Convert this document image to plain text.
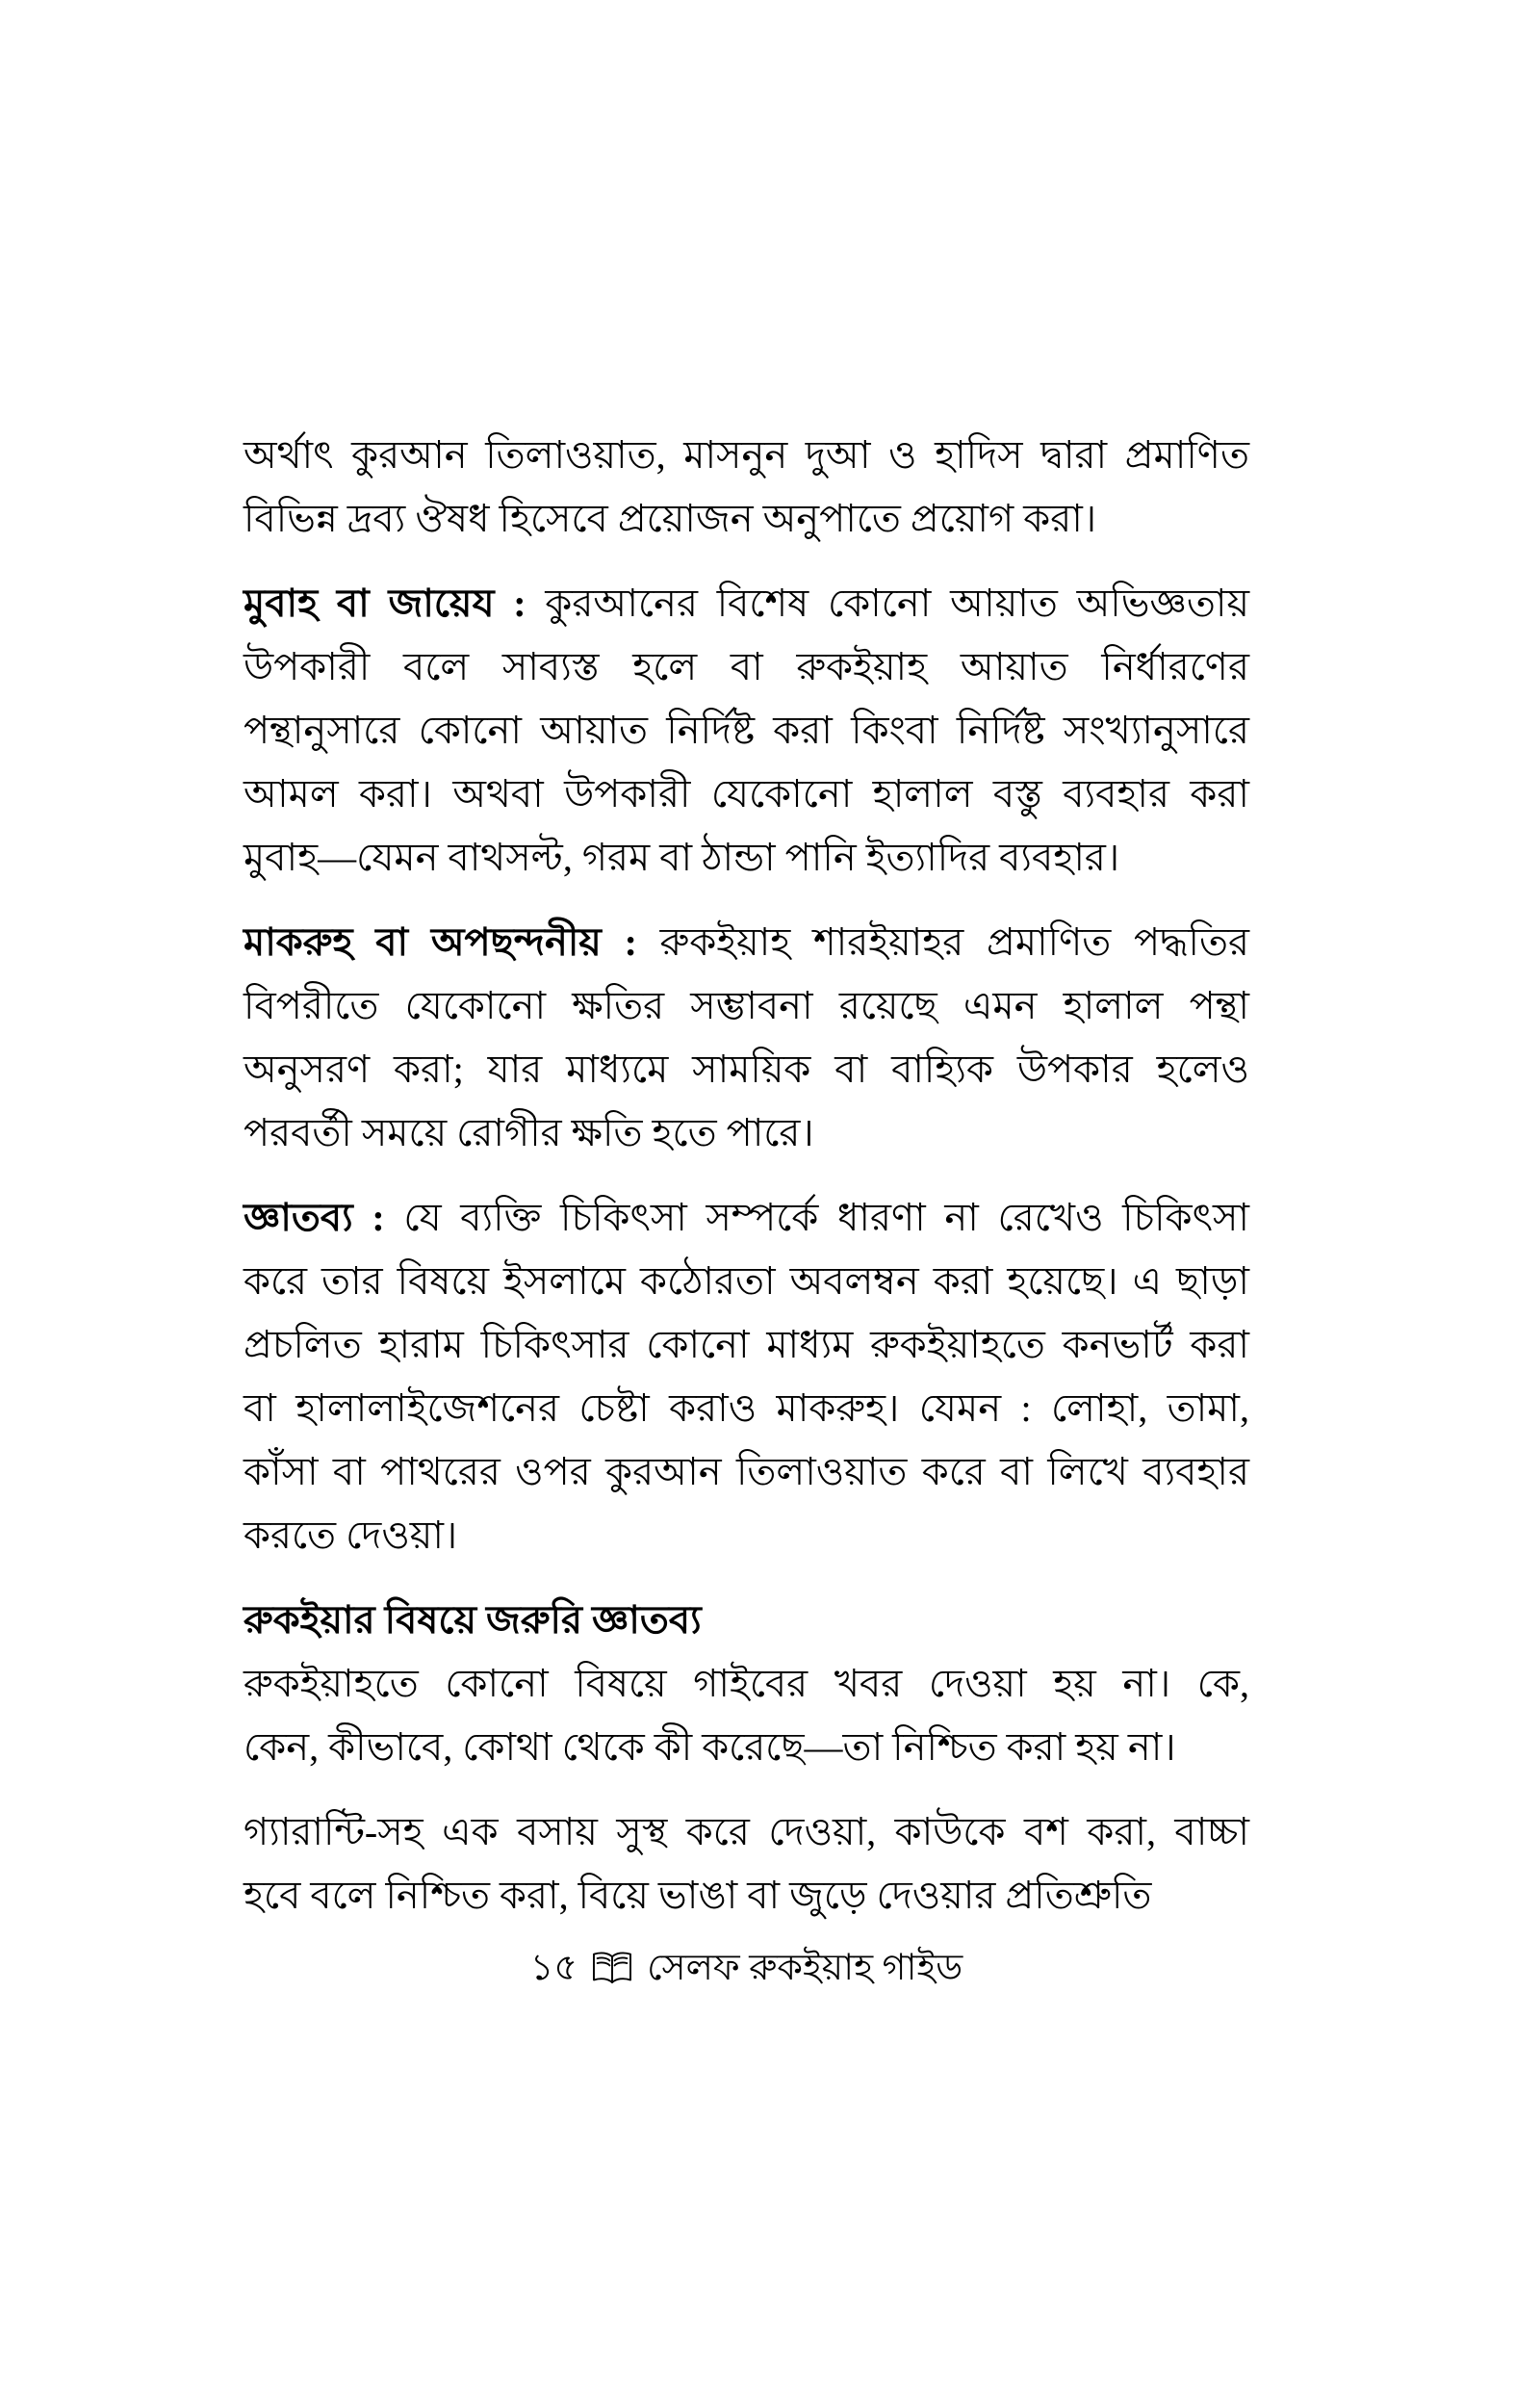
অর্থাৎ কুরআন তিলাওয়াত, মাসনুন দুআ ও হাদিস দ্বারা প্রমাণিত
বিভিন্ন দ্রব্য ঔষধ হিসেবে প্রয়োজন অনুপাতে প্রয়োগ করা।
মুবাহ বা জায়েয : কুরআনের বিশেষ কোনো আয়াত অভিজ্ঞতায়
উপকারী বলে সাব্যস্ত হলে বা রুকইয়াহ আয়াত নির্ধারণের
পন্থানুসারে কোনো আয়াত নির্দিষ্ট করা কিংবা নির্দিষ্ট সংখ্যানুসারে
আমল করা। অথবা উপকারী যেকোনো হালাল বস্তু ব্যবহার করা
মুবাহ—যেমন বাথসল্ট, গরম বা ঠান্ডা পানি ইত্যাদির ব্যবহার।
মাকরুহ বা অপছন্দনীয় : রুকইয়াহ শারইয়াহর প্রমাণিত পদ্ধতির
বিপরীতে যেকোনো ক্ষতির সম্ভাবনা রয়েছে এমন হালাল পন্থা
অনুসরণ করা; যার মাধ্যমে সাময়িক বা বাহ্যিক উপকার হলেও
পরবর্তী সময়ে রোগীর ক্ষতি হতে পারে।
জ্ঞাতব্য : যে ব্যক্তি চিকিৎসা সম্পর্কে ধারণা না রেখেও চিকিৎসা
করে তার বিষয়ে ইসলামে কঠোরতা অবলম্বন করা হয়েছে। এ ছাড়া
প্রচলিত হারাম চিকিৎসার কোনো মাধ্যম রুকইয়াহতে কনভার্ট করা
বা হালালাইজেশনের চেষ্টা করাও মাকরুহ। যেমন : লোহা, তামা,
কাঁসা বা পাথরের ওপর কুরআন তিলাওয়াত করে বা লিখে ব্যবহার
করতে দেওয়া।
রুকইয়ার বিষয়ে জরুরি জ্ঞাতব্য
রুকইয়াহতে কোনো বিষয়ে গাইবের খবর দেওয়া হয় না। কে,
কেন, কীভাবে, কোথা থেকে কী করেছে—তা নিশ্চিত করা হয় না।
গ্যারান্টি-সহ এক বসায় সুস্থ করে দেওয়া, কাউকে বশ করা, বাচ্চা
হবে বলে নিশ্চিত করা, বিয়ে ভাঙা বা জুড়ে দেওয়ার প্রতিশ্রুতি
১৫ সেলফ রুকইয়াহ গাইড
